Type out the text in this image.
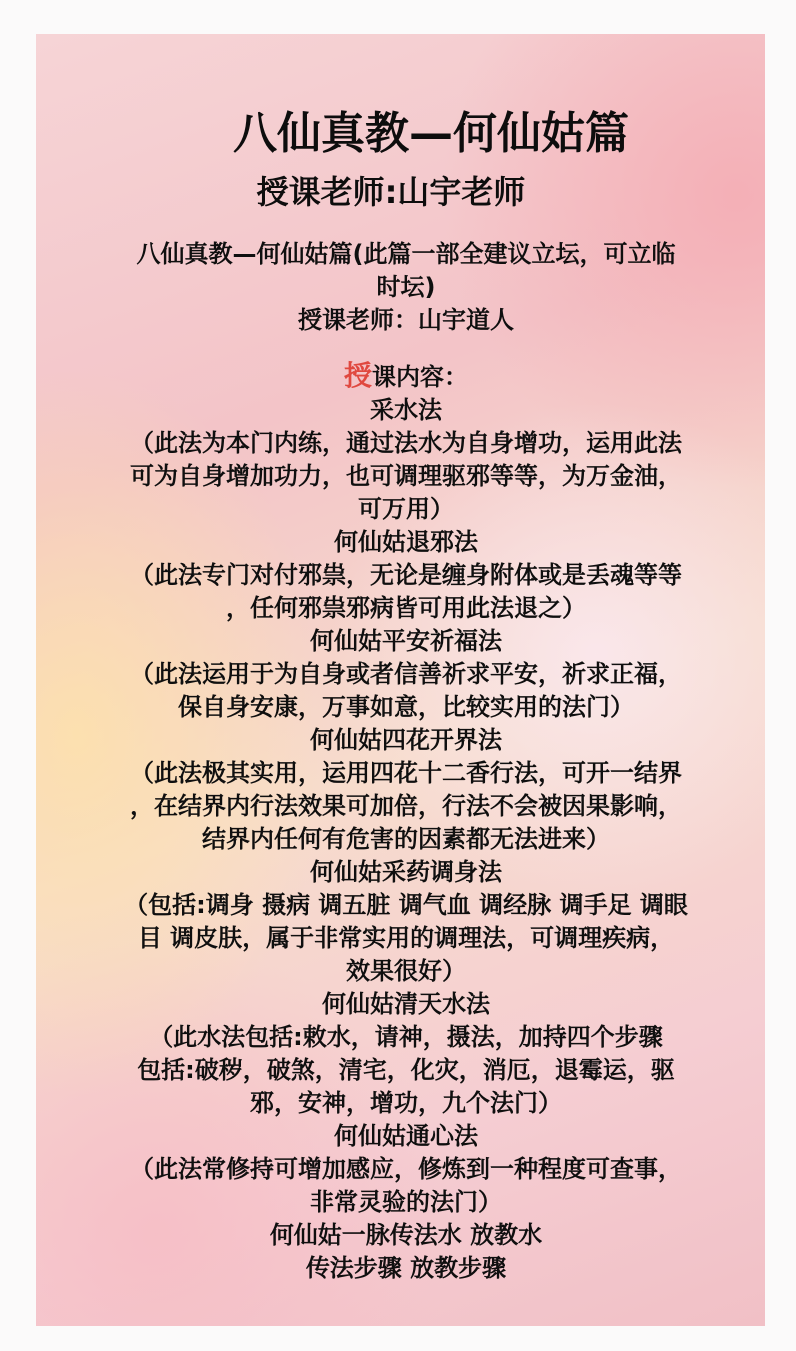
八仙真教—何仙姑篇
授课老师:山宇老师
八仙真教—何仙姑篇(此篇一部全建议立坛，可立临
时坛)
授课老师：山宇道人
授课内容：
采水法
（此法为本门内练，通过法水为自身增功，运用此法
可为自身增加功力，也可调理驱邪等等，为万金油，
可万用）
何仙姑退邪法
（此法专门对付邪祟，无论是缠身附体或是丢魂等等
，任何邪祟邪病皆可用此法退之）
何仙姑平安祈福法
（此法运用于为自身或者信善祈求平安，祈求正福，
保自身安康，万事如意，比较实用的法门）
何仙姑四花开界法
（此法极其实用，运用四花十二香行法，可开一结界
，在结界内行法效果可加倍，行法不会被因果影响，
结界内任何有危害的因素都无法进来）
何仙姑采药调身法
（包括:调身 摄病 调五脏 调气血 调经脉 调手足 调眼
目 调皮肤，属于非常实用的调理法，可调理疾病，
效果很好）
何仙姑清天水法
（此水法包括:敕水，请神，摄法，加持四个步骤
包括:破秽，破煞，清宅，化灾，消厄，退霉运，驱
邪，安神，增功，九个法门）
何仙姑通心法
（此法常修持可增加感应，修炼到一种程度可查事，
非常灵验的法门）
何仙姑一脉传法水 放教水
传法步骤 放教步骤
